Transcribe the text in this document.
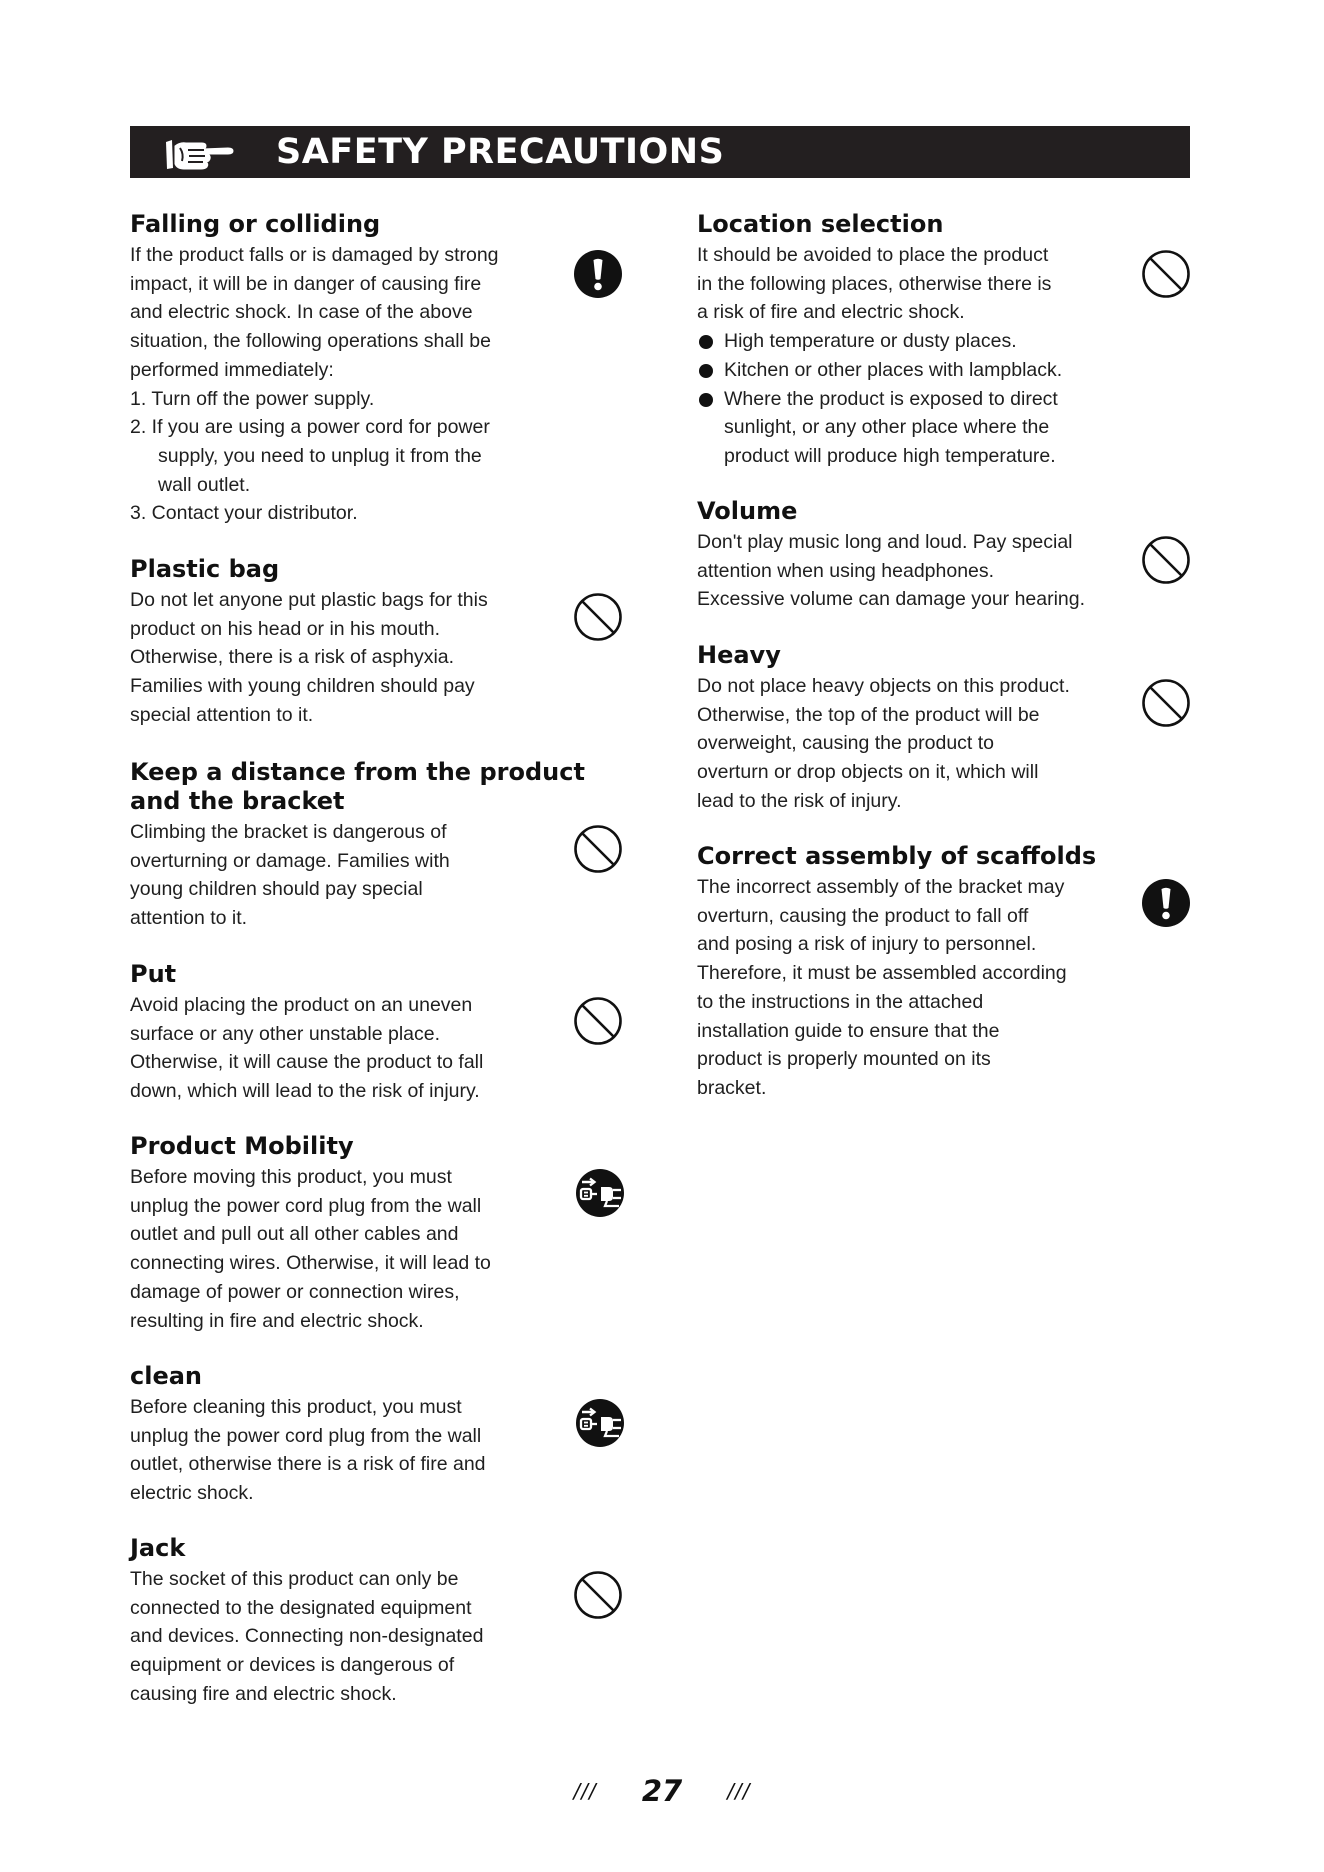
SAFETY PRECAUTIONS
Falling or colliding
If the product falls or is damaged by strong
impact, it will be in danger of causing fire
and electric shock. In case of the above
situation, the following operations shall be
performed immediately:
1. Turn off the power supply.
2. If you are using a power cord for power
supply, you need to unplug it from the
wall outlet.
3. Contact your distributor.
Plastic bag
Do not let anyone put plastic bags for this
product on his head or in his mouth.
Otherwise, there is a risk of asphyxia.
Families with young children should pay
special attention to it.
Keep a distance from the product
and the bracket
Climbing the bracket is dangerous of
overturning or damage. Families with
young children should pay special
attention to it.
Put
Avoid placing the product on an uneven
surface or any other unstable place.
Otherwise, it will cause the product to fall
down, which will lead to the risk of injury.
Product Mobility
Before moving this product, you must
unplug the power cord plug from the wall
outlet and pull out all other cables and
connecting wires. Otherwise, it will lead to
damage of power or connection wires,
resulting in fire and electric shock.
clean
Before cleaning this product, you must
unplug the power cord plug from the wall
outlet, otherwise there is a risk of fire and
electric shock.
Jack
The socket of this product can only be
connected to the designated equipment
and devices. Connecting non-designated
equipment or devices is dangerous of
causing fire and electric shock.
Location selection
It should be avoided to place the product
in the following places, otherwise there is
a risk of fire and electric shock.
High temperature or dusty places.
Kitchen or other places with lampblack.
Where the product is exposed to direct
sunlight, or any other place where the
product will produce high temperature.
Volume
Don't play music long and loud. Pay special
attention when using headphones.
Excessive volume can damage your hearing.
Heavy
Do not place heavy objects on this product.
Otherwise, the top of the product will be
overweight, causing the product to
overturn or drop objects on it, which will
lead to the risk of injury.
Correct assembly of scaffolds
The incorrect assembly of the bracket may
overturn, causing the product to fall off
and posing a risk of injury to personnel.
Therefore, it must be assembled according
to the instructions in the attached
installation guide to ensure that the
product is properly mounted on its
bracket.
/// 27 ///
